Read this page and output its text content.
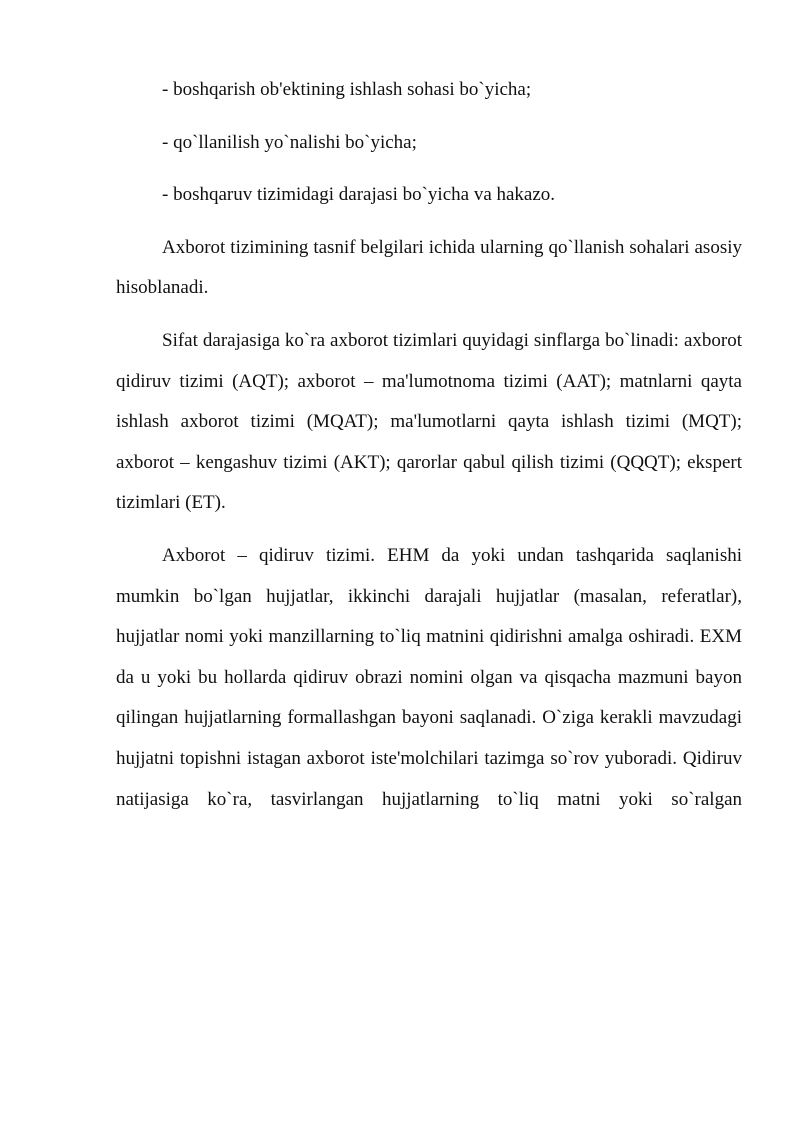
- boshqarish ob'ektining ishlash sohasi bo`yicha;

- qo`llanilish yo`nalishi bo`yicha;

- boshqaruv tizimidagi darajasi bo`yicha va hakazo.

Axborot tizimining tasnif belgilari ichida ularning qo`llanish sohalari asosiy hisoblanadi.

Sifat darajasiga ko`ra axborot tizimlari quyidagi sinflarga bo`linadi: axborot qidiruv tizimi (AQT); axborot – ma'lumotnoma tizimi (AAT); matnlarni qayta ishlash axborot tizimi (MQAT); ma'lumotlarni qayta ishlash tizimi (MQT); axborot – kengashuv tizimi (AKT); qarorlar qabul qilish tizimi (QQQT); ekspert tizimlari (ET).

Axborot – qidiruv tizimi. EHM da yoki undan tashqarida saqlanishi mumkin bo`lgan hujjatlar, ikkinchi darajali hujjatlar (masalan, referatlar), hujjatlar nomi yoki manzillarning to`liq matnini qidirishni amalga oshiradi. EXM da u yoki bu hollarda qidiruv obrazi nomini olgan va qisqacha mazmuni bayon qilingan hujjatlarning formallashgan bayoni saqlanadi. O`ziga kerakli mavzudagi hujjatni topishni istagan axborot iste'molchilari tazimga so`rov yuboradi. Qidiruv natijasiga ko`ra, tasvirlangan hujjatlarning to`liq matni yoki so`ralgan
